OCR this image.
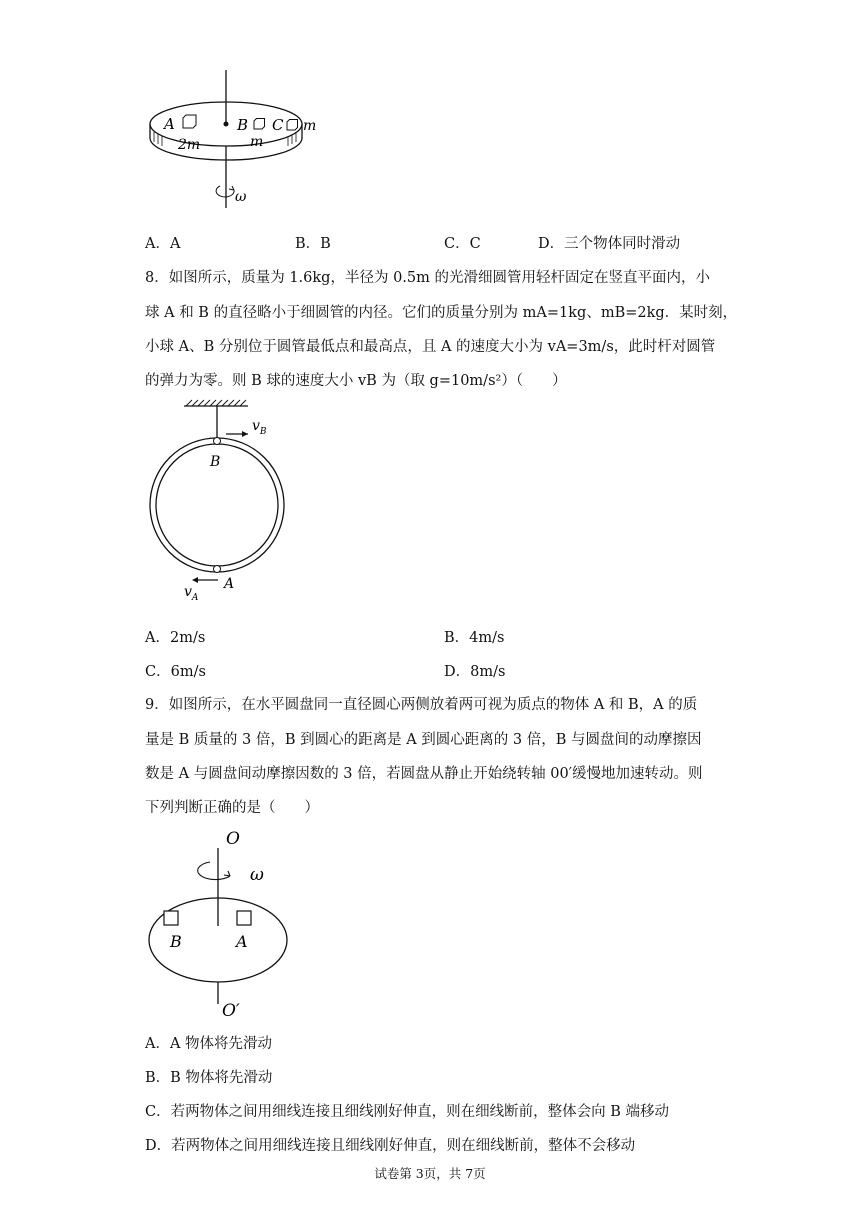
A	B C
2m	m
m
ω
A．A	B．B	C．C	D．三个物体同时滑动
8．如图所示，质量为 1.6kg，半径为 0.5m 的光滑细圆管用轻杆固定在竖直平面内，小
球 A 和 B 的直径略小于细圆管的内径。它们的质量分别为 mA=1kg、mB=2kg．某时刻，
小球 A、B 分别位于圆管最低点和最高点，且 A 的速度大小为 vA=3m/s，此时杆对圆管
的弹力为零。则 B 球的速度大小 vB 为（取 g=10m/s²）（　　）
$v_B$
B
A
$v_A$
A．2m/s	B．4m/s
C．6m/s	D．8m/s
9．如图所示，在水平圆盘同一直径圆心两侧放着两可视为质点的物体 A 和 B，A 的质
量是 B 质量的 3 倍，B 到圆心的距离是 A 到圆心距离的 3 倍，B 与圆盘间的动摩擦因
数是 A 与圆盘间动摩擦因数的 3 倍，若圆盘从静止开始绕转轴 00′缓慢地加速转动。则
下列判断正确的是（　　）
O
ω
B	A
O′
A．A 物体将先滑动
B．B 物体将先滑动
C．若两物体之间用细线连接且细线刚好伸直，则在细线断前，整体会向 B 端移动
D．若两物体之间用细线连接且细线刚好伸直，则在细线断前，整体不会移动
试卷第 3页，共 7页
